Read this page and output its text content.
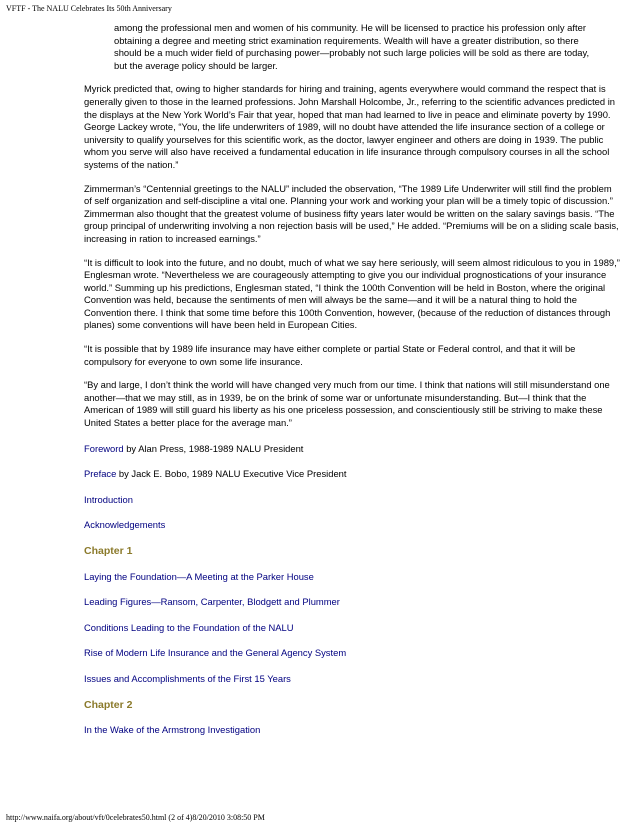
VFTF - The NALU Celebrates Its 50th Anniversary

among the professional men and women of his community. He will be licensed to practice his profession only after obtaining a degree and meeting strict examination requirements. Wealth will have a greater distribution, so there should be a much wider field of purchasing power—probably not such large policies will be sold as there are today, but the average policy should be larger.

Myrick predicted that, owing to higher standards for hiring and training, agents everywhere would command the respect that is generally given to those in the learned professions. John Marshall Holcombe, Jr., referring to the scientific advances predicted in the displays at the New York World’s Fair that year, hoped that man had learned to live in peace and eliminate poverty by 1990. George Lackey wrote, “You, the life underwriters of 1989, will no doubt have attended the life insurance section of a college or university to qualify yourselves for this scientific work, as the doctor, lawyer engineer and others are doing in 1939. The public whom you serve will also have received a fundamental education in life insurance through compulsory courses in all the school systems of the nation.”

Zimmerman’s “Centennial greetings to the NALU” included the observation, “The 1989 Life Underwriter will still find the problem of self organization and self-discipline a vital one. Planning your work and working your plan will be a timely topic of discussion.” Zimmerman also thought that the greatest volume of business fifty years later would be written on the salary savings basis. “The group principal of underwriting involving a non rejection basis will be used,” He added. “Premiums will be on a sliding scale basis, increasing in ration to increased earnings.”

“It is difficult to look into the future, and no doubt, much of what we say here seriously, will seem almost ridiculous to you in 1989,” Englesman wrote. “Nevertheless we are courageously attempting to give you our individual prognostications of your insurance world.” Summing up his predictions, Englesman stated, “I think the 100th Convention will be held in Boston, where the original Convention was held, because the sentiments of men will always be the same—and it will be a natural thing to hold the Convention there. I think that some time before this 100th Convention, however, (because of the reduction of distances through planes) some conventions will have been held in European Cities.

“It is possible that by 1989 life insurance may have either complete or partial State or Federal control, and that it will be compulsory for everyone to own some life insurance.

“By and large, I don’t think the world will have changed very much from our time. I think that nations will still misunderstand one another—that we may still, as in 1939, be on the brink of some war or unfortunate misunderstanding. But—I think that the American of 1989 will still guard his liberty as his one priceless possession, and conscientiously still be striving to make these United States a better place for the average man.”

Foreword by Alan Press, 1988-1989 NALU President

Preface by Jack E. Bobo, 1989 NALU Executive Vice President

Introduction

Acknowledgements

Chapter 1

Laying the Foundation—A Meeting at the Parker House

Leading Figures—Ransom, Carpenter, Blodgett and Plummer

Conditions Leading to the Foundation of the NALU

Rise of Modern Life Insurance and the General Agency System

Issues and Accomplishments of the First 15 Years

Chapter 2

In the Wake of the Armstrong Investigation

http://www.naifa.org/about/vft/0celebrates50.html (2 of 4)8/20/2010 3:08:50 PM
